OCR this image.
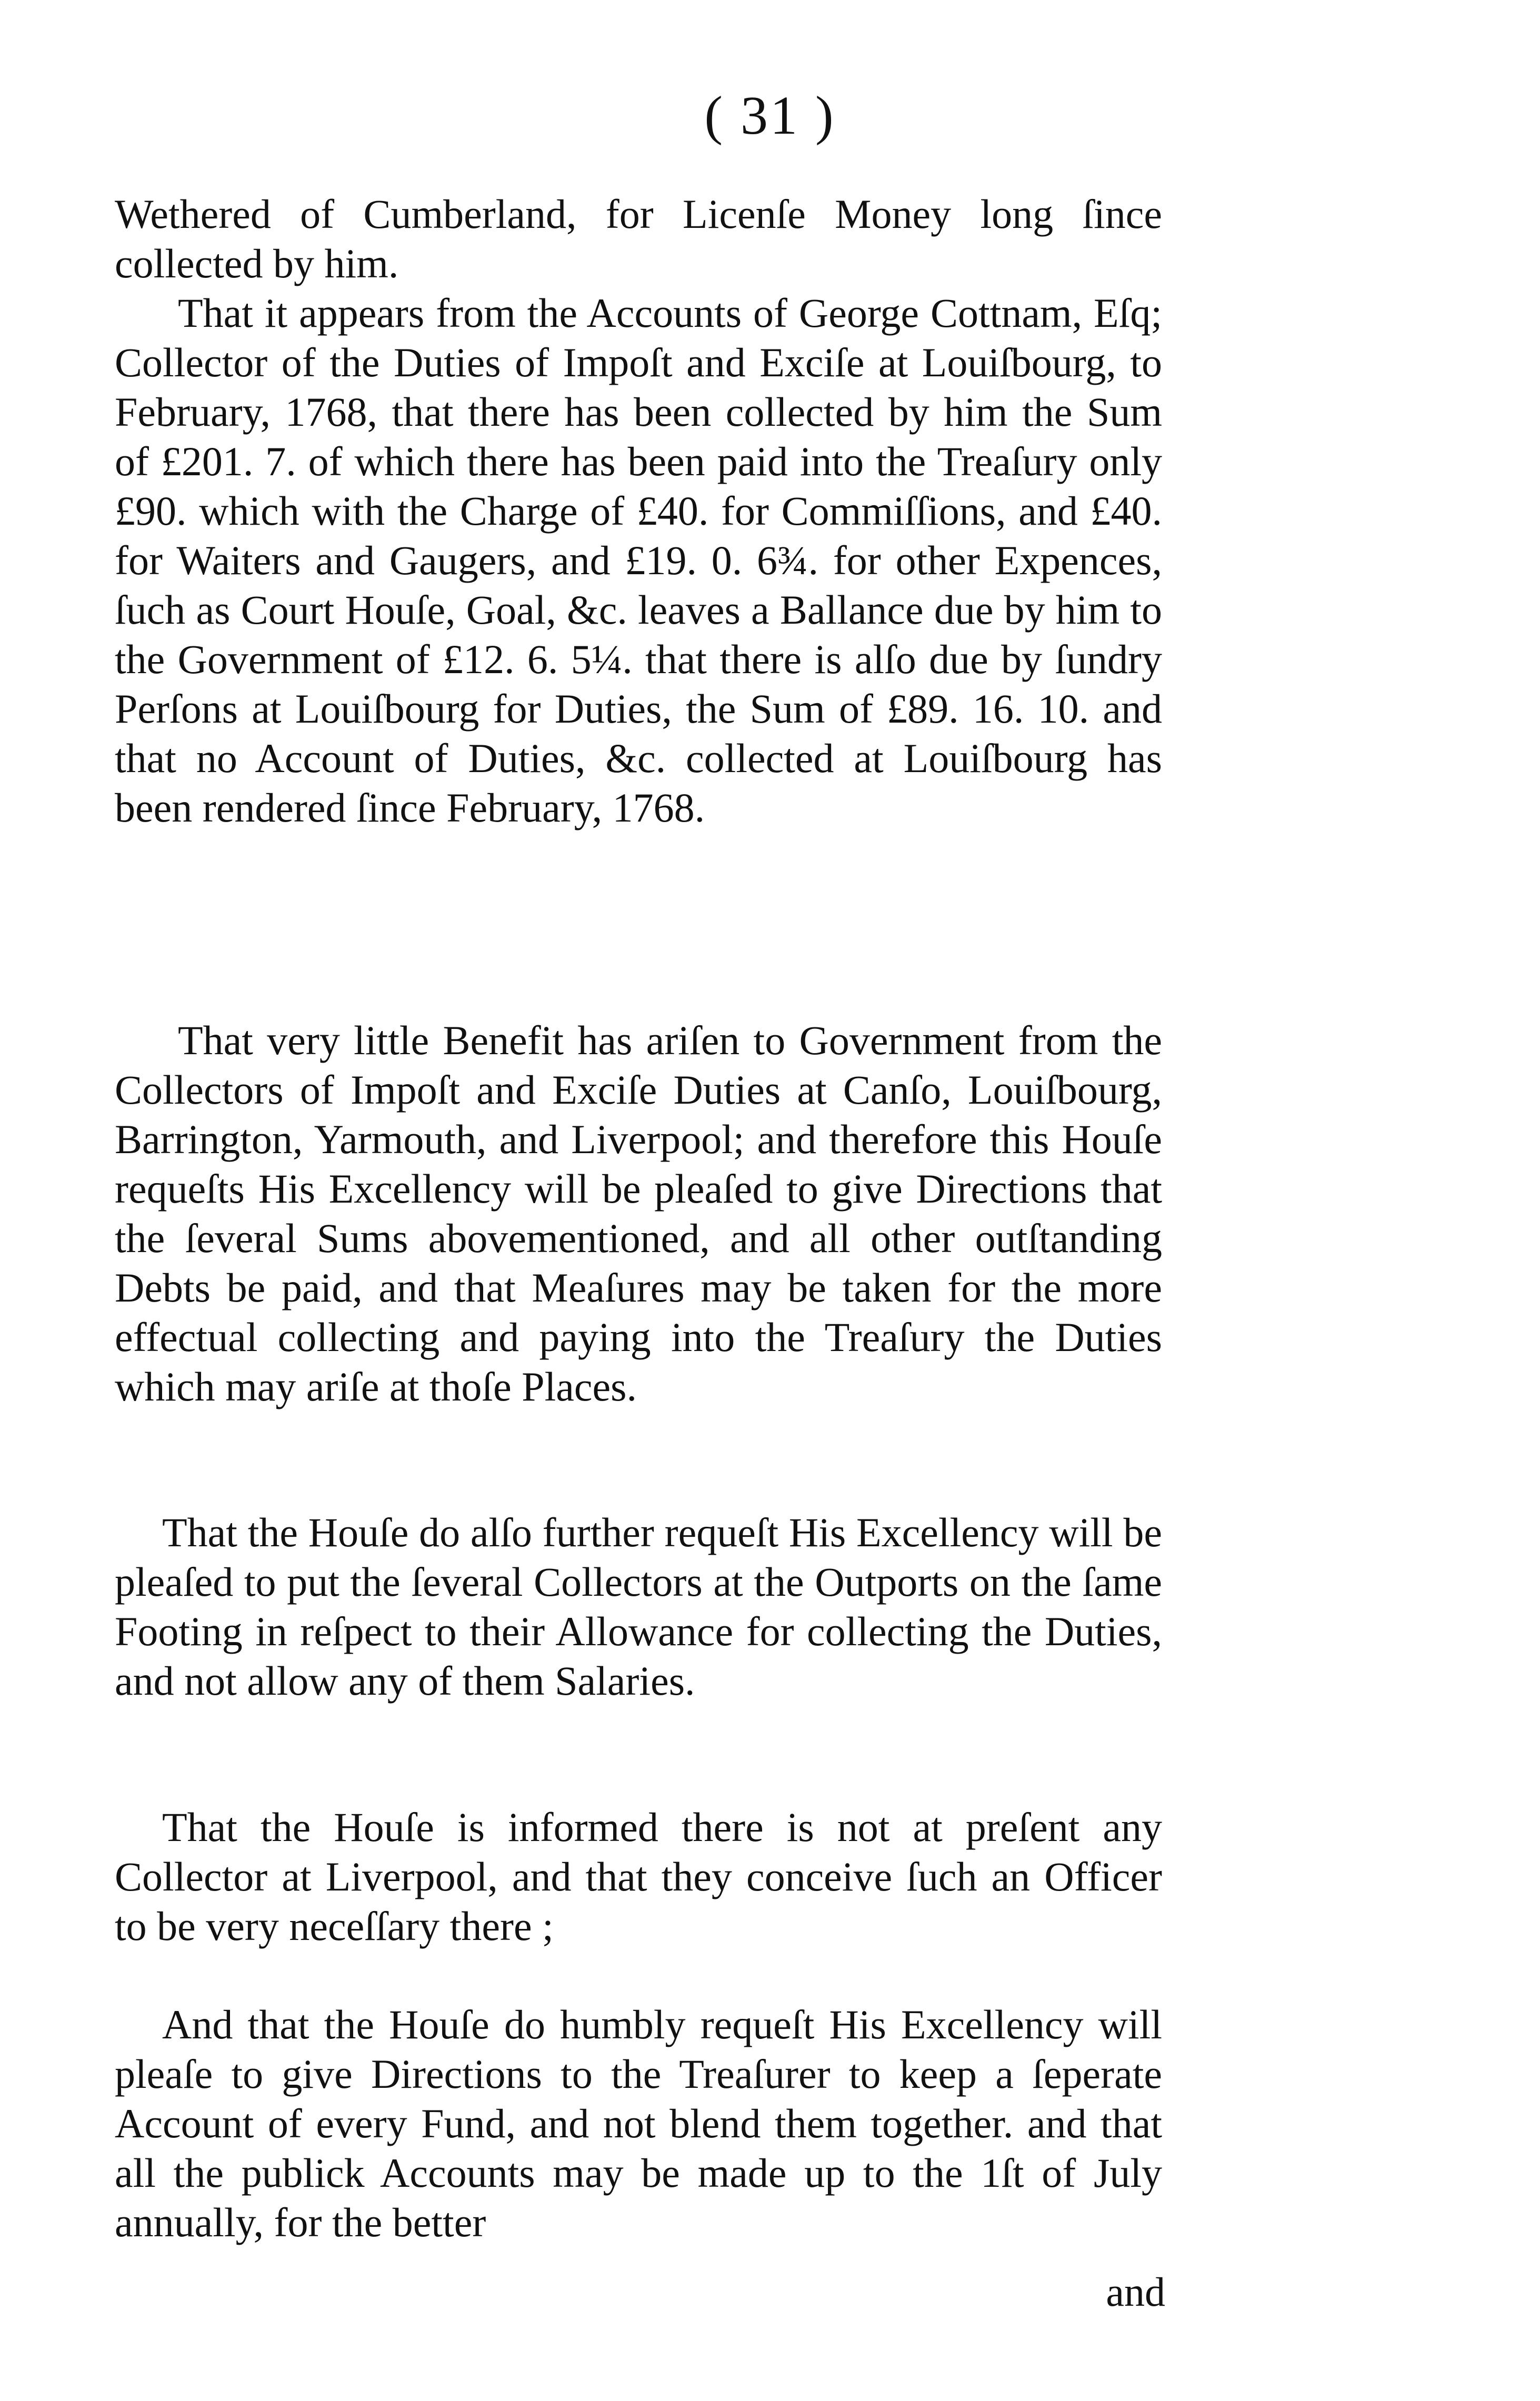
( 31 )

Wethered of Cumberland, for Licenſe Money long ſince collected by him.

That it appears from the Accounts of George Cottnam, Eſq; Collector of the Duties of Impoſt and Exciſe at Louiſbourg, to February, 1768, that there has been collected by him the Sum of £201. 7. of which there has been paid into the Treaſury only £90. which with the Charge of £40. for Commiſſions, and £40. for Waiters and Gaugers, and £19. 0. 6¾. for other Expences, ſuch as Court Houſe, Goal, &c. leaves a Ballance due by him to the Government of £12. 6. 5¼. that there is alſo due by ſundry Perſons at Louiſbourg for Duties, the Sum of £89. 16. 10. and that no Account of Duties, &c. collected at Louiſbourg has been rendered ſince February, 1768.

That very little Benefit has ariſen to Government from the Collectors of Impoſt and Exciſe Duties at Canſo, Louiſbourg, Barrington, Yarmouth, and Liverpool; and therefore this Houſe requeſts His Excellency will be pleaſed to give Directions that the ſeveral Sums abovementioned, and all other outſtanding Debts be paid, and that Meaſures may be taken for the more effectual collecting and paying into the Treaſury the Duties which may ariſe at thoſe Places.

That the Houſe do alſo further requeſt His Excellency will be pleaſed to put the ſeveral Collectors at the Outports on the ſame Footing in reſpect to their Allowance for collecting the Duties, and not allow any of them Salaries.

That the Houſe is informed there is not at preſent any Collector at Liverpool, and that they conceive ſuch an Officer to be very neceſſary there ;

And that the Houſe do humbly requeſt His Excellency will pleaſe to give Directions to the Treaſurer to keep a ſeperate Account of every Fund, and not blend them together. and that all the publick Accounts may be made up to the 1ſt of July annually, for the better

and
